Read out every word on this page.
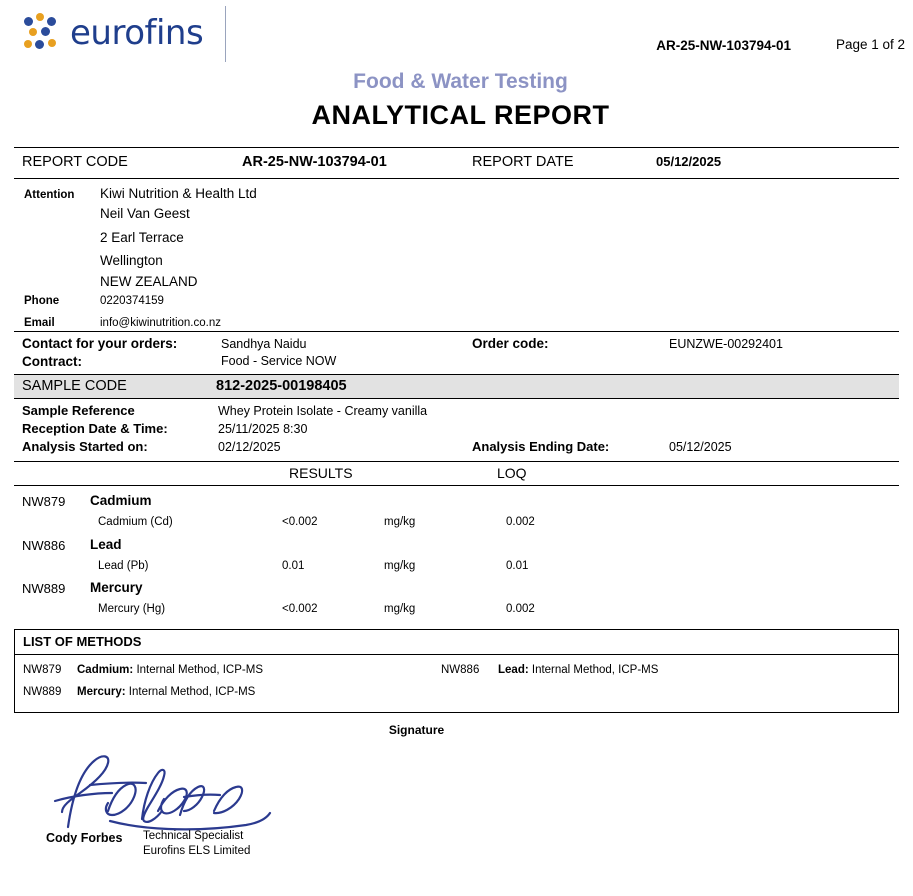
eurofins	AR-25-NW-103794-01	Page 1 of 2
Food & Water Testing
ANALYTICAL REPORT
REPORT CODE	AR-25-NW-103794-01	REPORT DATE	05/12/2025
Attention Kiwi Nutrition & Health Ltd
Neil Van Geest
2 Earl Terrace
Wellington
NEW ZEALAND
Phone	0220374159
Email	info@kiwinutrition.co.nz
Contact for your orders:	Sandhya Naidu	Order code:	EUNZWE-00292401
Contract:	Food - Service NOW
SAMPLE CODE	812-2025-00198405
Sample Reference	Whey Protein Isolate - Creamy vanilla
Reception Date & Time:	25/11/2025 8:30
Analysis Started on:	02/12/2025	Analysis Ending Date:	05/12/2025
RESULTS	LOQ
NW879 Cadmium
Cadmium (Cd)	<0.002	mg/kg	0.002
NW886 Lead
Lead (Pb)	0.01	mg/kg	0.01
NW889 Mercury
Mercury (Hg)	<0.002	mg/kg	0.002
LIST OF METHODS
NW879 Cadmium: Internal Method, ICP-MS	NW886 Lead: Internal Method, ICP-MS
NW889 Mercury: Internal Method, ICP-MS
Signature
Cody Forbes Technical Specialist
Eurofins ELS Limited
